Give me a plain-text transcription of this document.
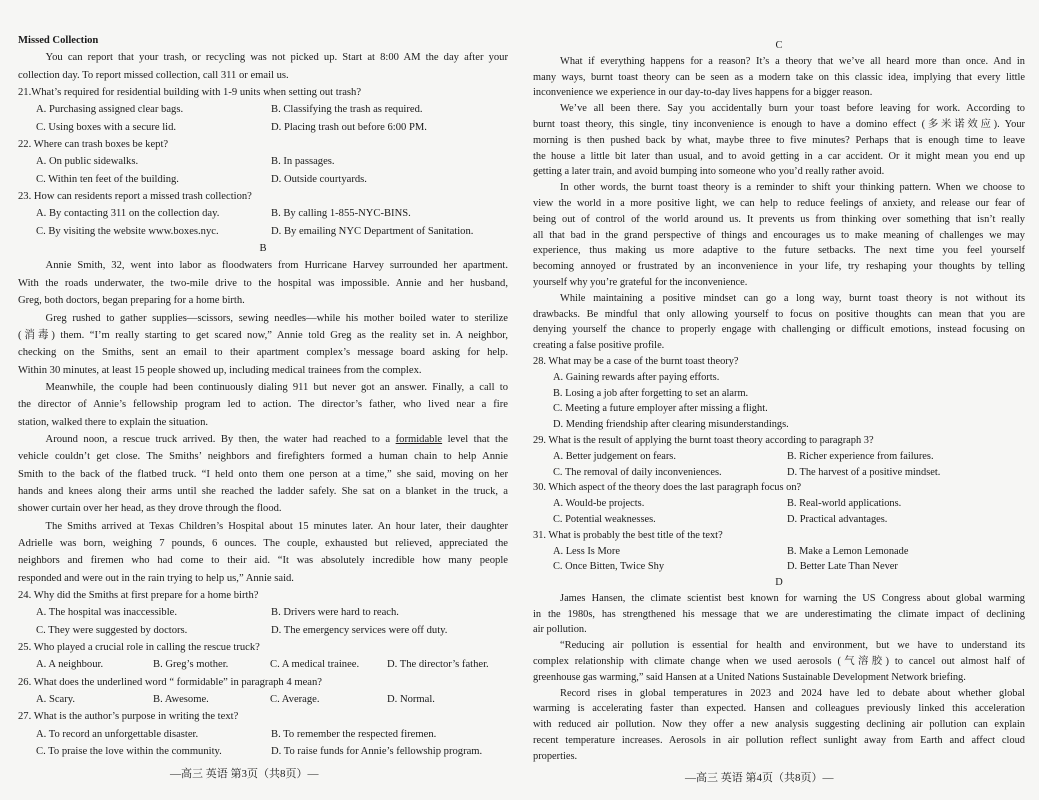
Missed Collection
You can report that your trash, or recycling was not picked up. Start at 8:00 AM the day after your
collection day. To report missed collection, call 311 or email us.
21.What’s required for residential building with 1-9 units when setting out trash?
A. Purchasing assigned clear bags.	B. Classifying the trash as required.
C. Using boxes with a secure lid.	D. Placing trash out before 6:00 PM.
22. Where can trash boxes be kept?
A. On public sidewalks.	B. In passages.
C. Within ten feet of the building.	D. Outside courtyards.
23. How can residents report a missed trash collection?
A. By contacting 311 on the collection day.	B. By calling 1-855-NYC-BINS.
C. By visiting the website www.boxes.nyc.	D. By emailing NYC Department of Sanitation.
B
Annie Smith, 32, went into labor as floodwaters from Hurricane Harvey surrounded her apartment.
With the roads underwater, the two-mile drive to the hospital was impossible. Annie and her husband,
Greg, both doctors, began preparing for a home birth.
Greg rushed to gather supplies—scissors, sewing needles—while his mother boiled water to sterilize
(消毒) them. “I’m really starting to get scared now,” Annie told Greg as the reality set in. A neighbor,
checking on the Smiths, sent an email to their apartment complex’s message board asking for help.
Within 30 minutes, at least 15 people showed up, including medical trainees from the complex.
Meanwhile, the couple had been continuously dialing 911 but never got an answer. Finally, a call to
the director of Annie’s fellowship program led to action. The director’s father, who lived near a fire
station, walked there to explain the situation.
Around noon, a rescue truck arrived. By then, the water had reached to a formidable level that the
vehicle couldn’t get close. The Smiths’ neighbors and firefighters formed a human chain to help Annie
Smith to the back of the flatbed truck. “I held onto them one person at a time,” she said, moving on her
hands and knees along their arms until she reached the ladder safely. She sat on a blanket in the truck, a
shower curtain over her head, as they drove through the flood.
The Smiths arrived at Texas Children’s Hospital about 15 minutes later. An hour later, their daughter
Adrielle was born, weighing 7 pounds, 6 ounces. The couple, exhausted but relieved, appreciated the
neighbors and firemen who had come to their aid. “It was absolutely incredible how many people
responded and were out in the rain trying to help us,” Annie said.
24. Why did the Smiths at first prepare for a home birth?
A. The hospital was inaccessible.	B. Drivers were hard to reach.
C. They were suggested by doctors.	D. The emergency services were off duty.
25. Who played a crucial role in calling the rescue truck?
A. A neighbour.	B. Greg’s mother.	C. A medical trainee.	D. The director’s father.
26. What does the underlined word “ formidable” in paragraph 4 mean?
A. Scary.	B. Awesome.	C. Average.	D. Normal.
27. What is the author’s purpose in writing the text?
A. To record an unforgettable disaster.	B. To remember the respected firemen.
C. To praise the love within the community.	D. To raise funds for Annie’s fellowship program.
C
What if everything happens for a reason? It’s a theory that we’ve all heard more than once. And in
many ways, burnt toast theory can be seen as a modern take on this classic idea, implying that every little
inconvenience we experience in our day-to-day lives happens for a bigger reason.
We’ve all been there. Say you accidentally burn your toast before leaving for work. According to
burnt toast theory, this single, tiny inconvenience is enough to have a domino effect (多米诺效应). Your
morning is then pushed back by what, maybe three to five minutes? Perhaps that is enough time to leave
the house a little bit later than usual, and to avoid getting in a car accident. Or it might mean you end up
getting a later train, and avoid bumping into someone who you’d really rather avoid.
In other words, the burnt toast theory is a reminder to shift your thinking pattern. When we choose to
view the world in a more positive light, we can help to reduce feelings of anxiety, and release our fear of
being out of control of the world around us. It prevents us from thinking over something that isn’t really
all that bad in the grand perspective of things and encourages us to make meaning of challenges we may
experience, thus making us more adaptive to the future setbacks. The next time you feel yourself
becoming annoyed or frustrated by an inconvenience in your life, try reshaping your thoughts by telling
yourself why you’re grateful for the inconvenience.
While maintaining a positive mindset can go a long way, burnt toast theory is not without its
drawbacks. Be mindful that only allowing yourself to focus on positive thoughts can mean that you are
denying yourself the chance to properly engage with challenging or difficult emotions, instead focusing on
creating a false positive profile.
28. What may be a case of the burnt toast theory?
A. Gaining rewards after paying efforts.
B. Losing a job after forgetting to set an alarm.
C. Meeting a future employer after missing a flight.
D. Mending friendship after clearing misunderstandings.
29. What is the result of applying the burnt toast theory according to paragraph 3?
A. Better judgement on fears.	B. Richer experience from failures.
C. The removal of daily inconveniences.	D. The harvest of a positive mindset.
30. Which aspect of the theory does the last paragraph focus on?
A. Would-be projects.	B. Real-world applications.
C. Potential weaknesses.	D. Practical advantages.
31. What is probably the best title of the text?
A. Less Is More	B. Make a Lemon Lemonade
C. Once Bitten, Twice Shy	D. Better Late Than Never
D
James Hansen, the climate scientist best known for warning the US Congress about global warming
in the 1980s, has strengthened his message that we are underestimating the climate impact of declining
air pollution.
“Reducing air pollution is essential for health and environment, but we have to understand its
complex relationship with climate change when we used aerosols (气溶胶) to cancel out almost half of
greenhouse gas warming,” said Hansen at a United Nations Sustainable Development Network briefing.
Record rises in global temperatures in 2023 and 2024 have led to debate about whether global
warming is accelerating faster than expected. Hansen and colleagues previously linked this acceleration
with reduced air pollution. Now they offer a new analysis suggesting declining air pollution can explain
recent temperature increases. Aerosols in air pollution reflect sunlight away from Earth and affect cloud
properties.
—高三 英语 第3页（共8页）—	—高三 英语 第4页（共8页）—
